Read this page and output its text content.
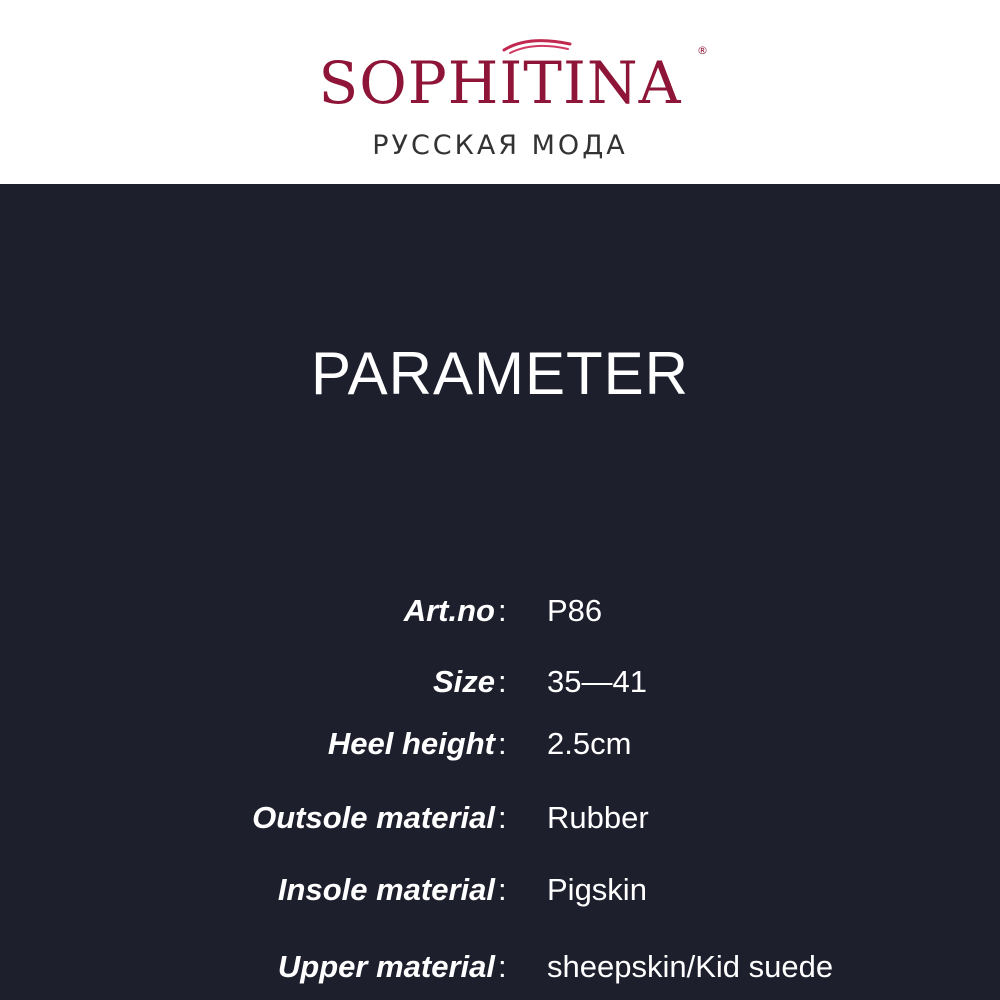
SOPHITINA	®
РУССКАЯ МОДА
PARAMETER
Art.no : P86
Size : 35—41
Heel height : 2.5cm
Outsole material : Rubber
Insole material : Pigskin
Upper material : sheepskin/Kid suede
